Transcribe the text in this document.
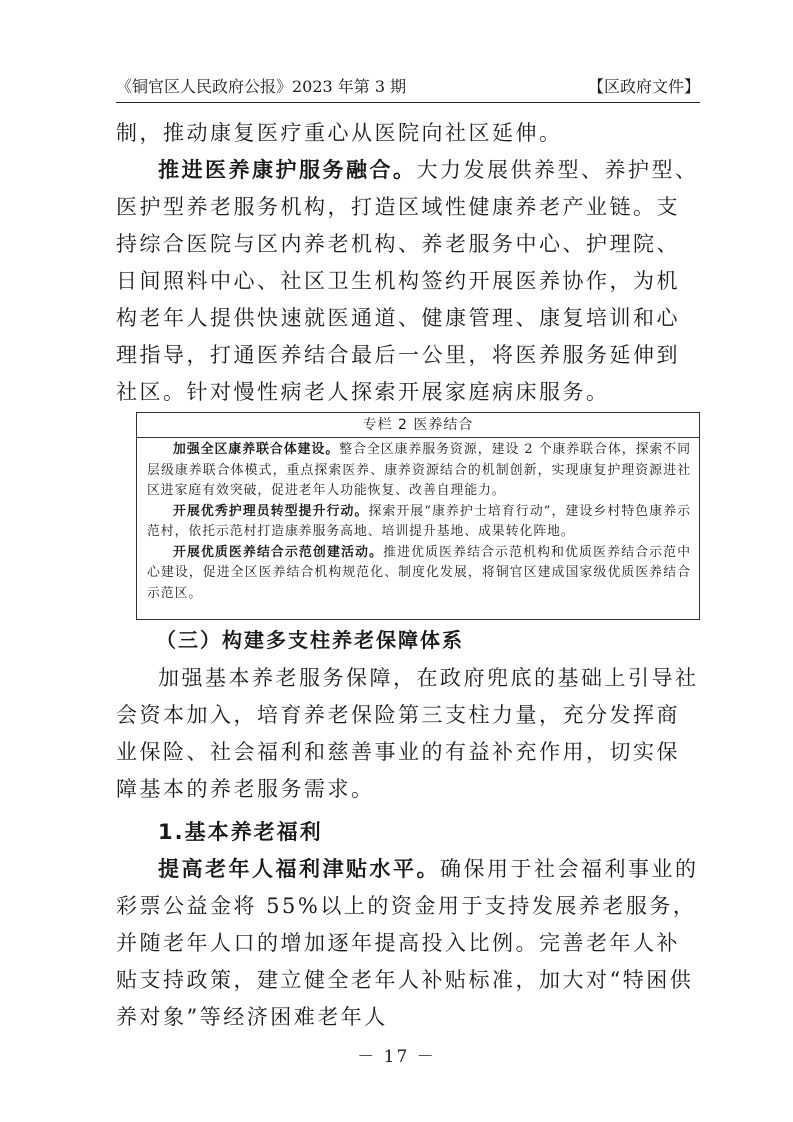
《铜官区人民政府公报》2023 年第 3 期	【区政府文件】

制，推动康复医疗重心从医院向社区延伸。

推进医养康护服务融合。大力发展供养型、养护型、医护型养老服务机构，打造区域性健康养老产业链。支持综合医院与区内养老机构、养老服务中心、护理院、日间照料中心、社区卫生机构签约开展医养协作，为机构老年人提供快速就医通道、健康管理、康复培训和心理指导，打通医养结合最后一公里，将医养服务延伸到社区。针对慢性病老人探索开展家庭病床服务。

专栏 2 医养结合

加强全区康养联合体建设。整合全区康养服务资源，建设 2 个康养联合体，探索不同层级康养联合体模式，重点探索医养、康养资源结合的机制创新，实现康复护理资源进社区进家庭有效突破，促进老年人功能恢复、改善自理能力。

开展优秀护理员转型提升行动。探索开展“康养护士培育行动”，建设乡村特色康养示范村，依托示范村打造康养服务高地、培训提升基地、成果转化阵地。

开展优质医养结合示范创建活动。推进优质医养结合示范机构和优质医养结合示范中心建设，促进全区医养结合机构规范化、制度化发展，将铜官区建成国家级优质医养结合示范区。

（三）构建多支柱养老保障体系

加强基本养老服务保障，在政府兜底的基础上引导社会资本加入，培育养老保险第三支柱力量，充分发挥商业保险、社会福利和慈善事业的有益补充作用，切实保障基本的养老服务需求。

1.基本养老福利

提高老年人福利津贴水平。确保用于社会福利事业的彩票公益金将 55%以上的资金用于支持发展养老服务，并随老年人口的增加逐年提高投入比例。完善老年人补贴支持政策，建立健全老年人补贴标准，加大对“特困供养对象”等经济困难老年人

－ 17 －
